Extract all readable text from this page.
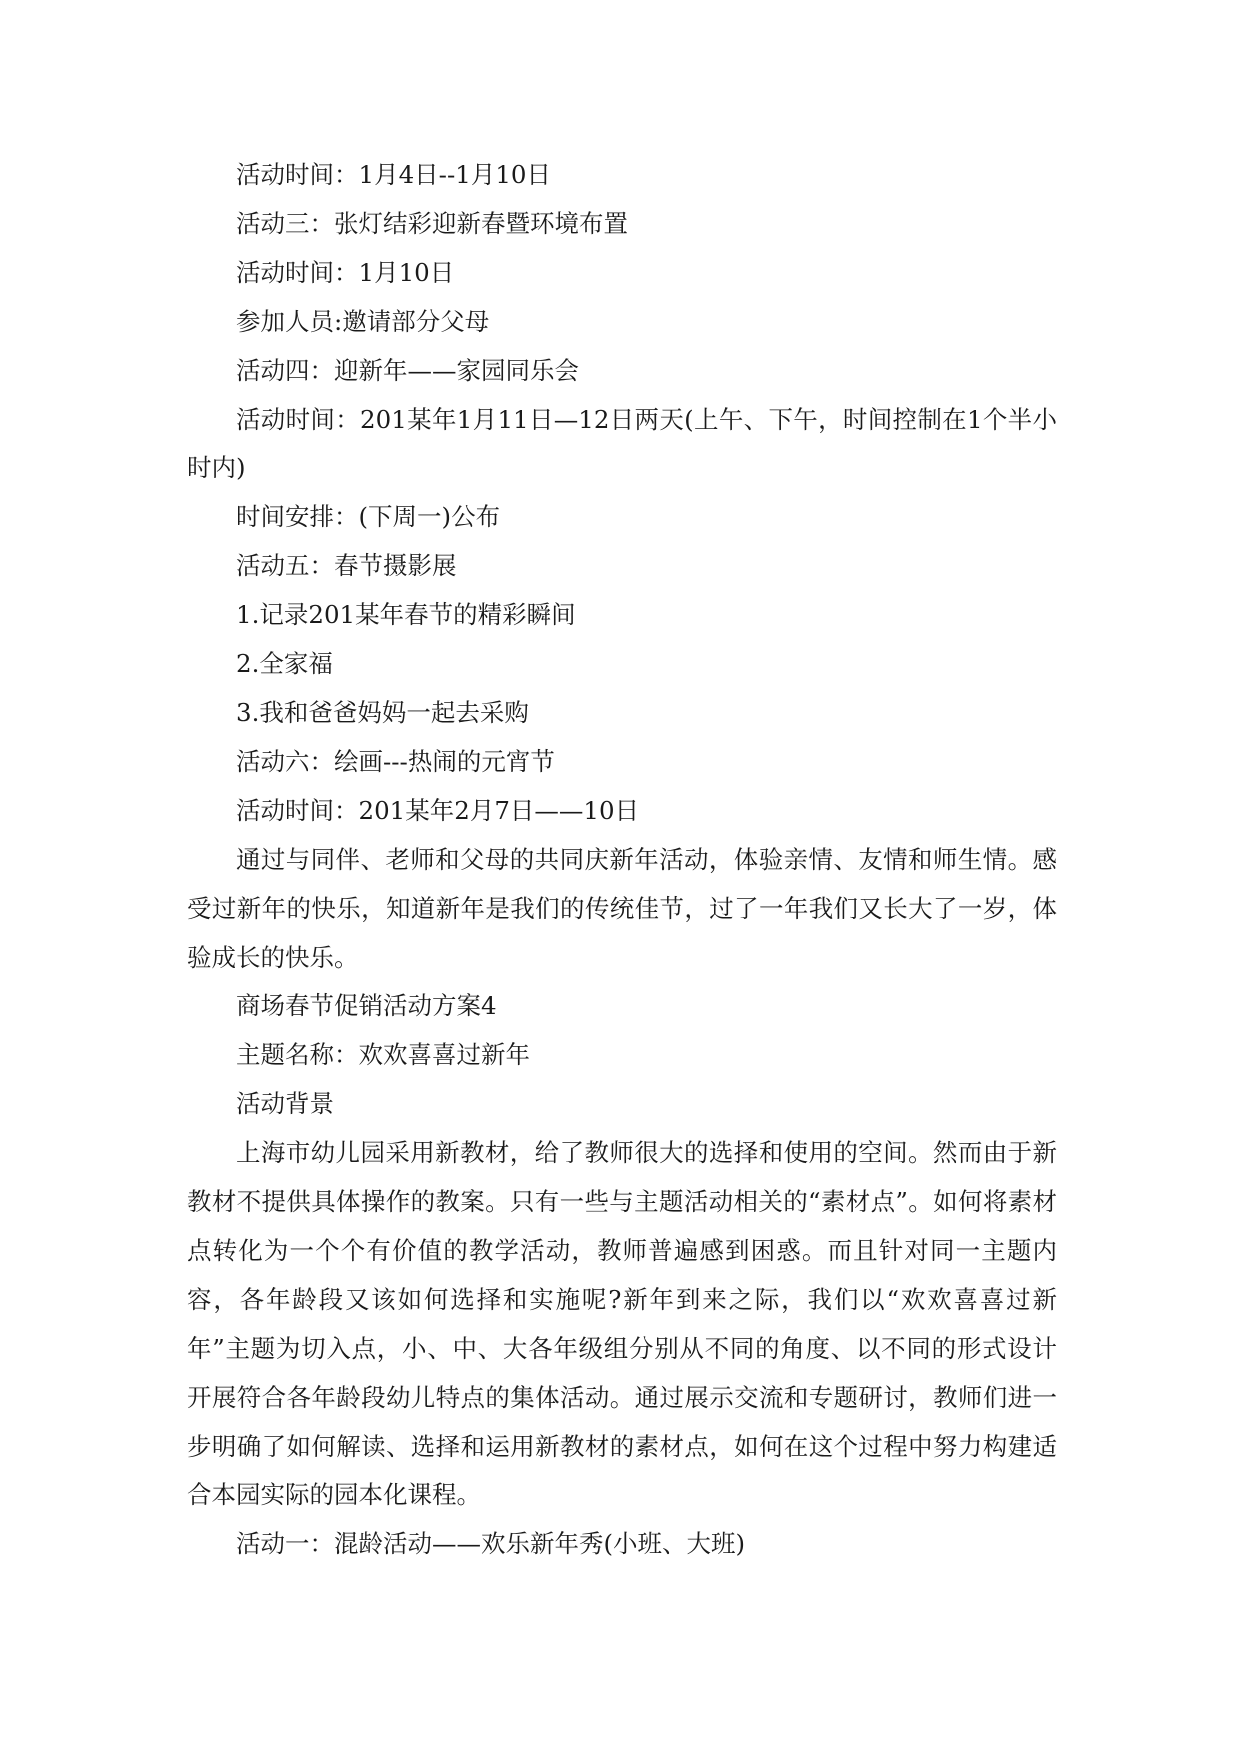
活动时间：1月4日--1月10日

活动三：张灯结彩迎新春暨环境布置

活动时间：1月10日

参加人员:邀请部分父母

活动四：迎新年——家园同乐会

活动时间：201某年1月11日—12日两天(上午、下午，时间控制在1个半小时内)

时间安排：(下周一)公布

活动五：春节摄影展

1.记录201某年春节的精彩瞬间

2.全家福

3.我和爸爸妈妈一起去采购

活动六：绘画---热闹的元宵节

活动时间：201某年2月7日——10日

通过与同伴、老师和父母的共同庆新年活动，体验亲情、友情和师生情。感受过新年的快乐，知道新年是我们的传统佳节，过了一年我们又长大了一岁，体验成长的快乐。

商场春节促销活动方案4

主题名称：欢欢喜喜过新年

活动背景

上海市幼儿园采用新教材，给了教师很大的选择和使用的空间。然而由于新教材不提供具体操作的教案。只有一些与主题活动相关的“素材点”。如何将素材点转化为一个个有价值的教学活动，教师普遍感到困惑。而且针对同一主题内容，各年龄段又该如何选择和实施呢?新年到来之际，我们以“欢欢喜喜过新年”主题为切入点，小、中、大各年级组分别从不同的角度、以不同的形式设计开展符合各年龄段幼儿特点的集体活动。通过展示交流和专题研讨，教师们进一步明确了如何解读、选择和运用新教材的素材点，如何在这个过程中努力构建适合本园实际的园本化课程。

活动一：混龄活动——欢乐新年秀(小班、大班)
